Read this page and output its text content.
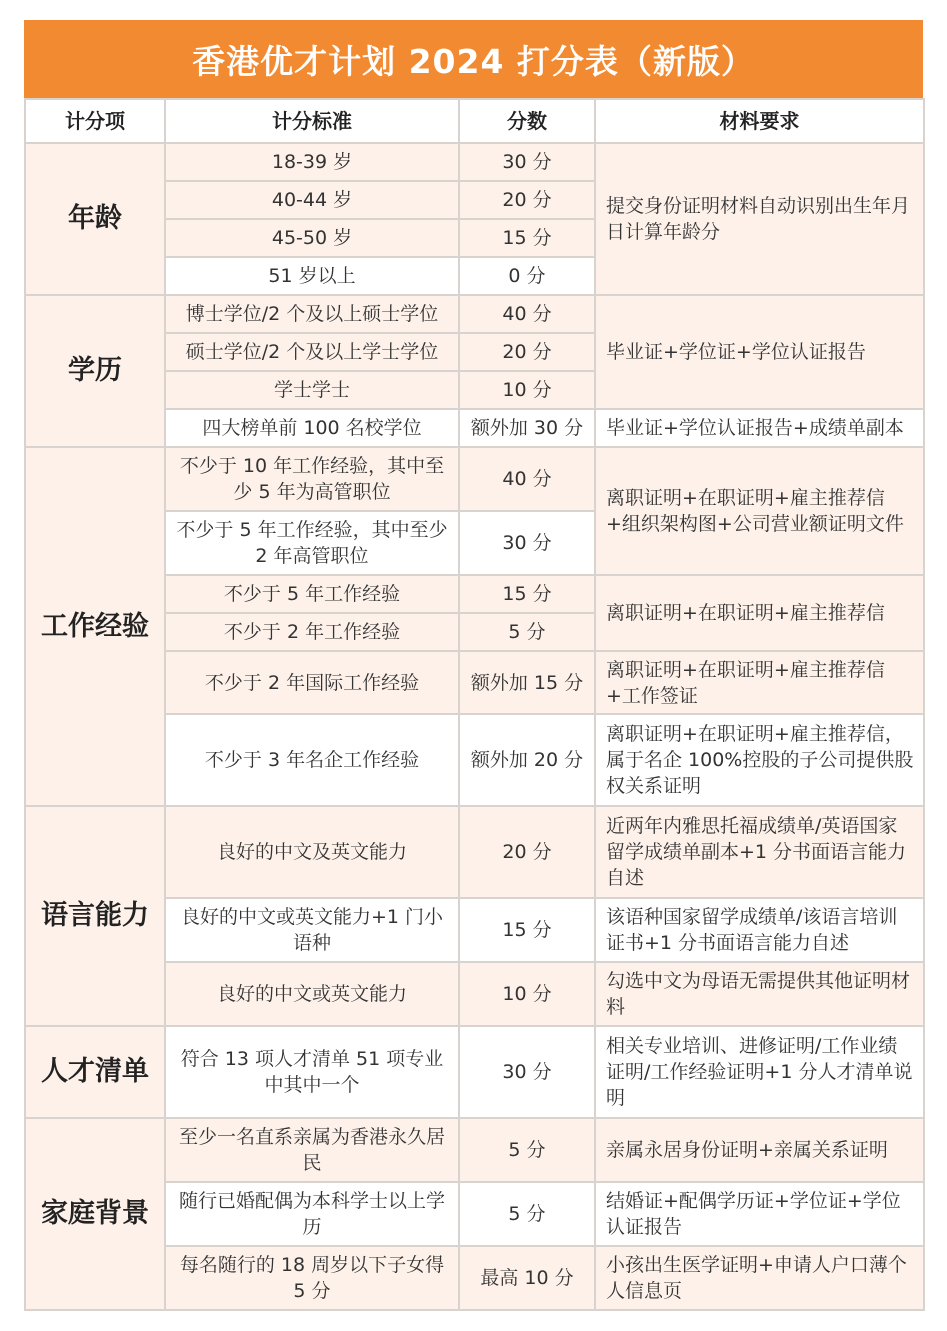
香港优才计划 2024 打分表（新版）
计分项	计分标准	分数	材料要求
年龄	18-39 岁	30 分	提交身份证明材料自动识别出生年月日计算年龄分
	40-44 岁	20 分	
	45-50 岁	15 分	
	51 岁以上	0 分	
学历	博士学位/2 个及以上硕士学位	40 分	毕业证+学位证+学位认证报告
	硕士学位/2 个及以上学士学位	20 分	
	学士学士	10 分	
	四大榜单前 100 名校学位	额外加 30 分	毕业证+学位认证报告+成绩单副本
工作经验	不少于 10 年工作经验，其中至少 5 年为高管职位	40 分	离职证明+在职证明+雇主推荐信+组织架构图+公司营业额证明文件
	不少于 5 年工作经验，其中至少 2 年高管职位	30 分	
	不少于 5 年工作经验	15 分	离职证明+在职证明+雇主推荐信
	不少于 2 年工作经验	5 分	
	不少于 2 年国际工作经验	额外加 15 分	离职证明+在职证明+雇主推荐信+工作签证
	不少于 3 年名企工作经验	额外加 20 分	离职证明+在职证明+雇主推荐信，属于名企 100%控股的子公司提供股权关系证明
语言能力	良好的中文及英文能力	20 分	近两年内雅思托福成绩单/英语国家留学成绩单副本+1 分书面语言能力自述
	良好的中文或英文能力+1 门小语种	15 分	该语种国家留学成绩单/该语言培训证书+1 分书面语言能力自述
	良好的中文或英文能力	10 分	勾选中文为母语无需提供其他证明材料
人才清单	符合 13 项人才清单 51 项专业中其中一个	30 分	相关专业培训、进修证明/工作业绩证明/工作经验证明+1 分人才清单说明
家庭背景	至少一名直系亲属为香港永久居民	5 分	亲属永居身份证明+亲属关系证明
	随行已婚配偶为本科学士以上学历	5 分	结婚证+配偶学历证+学位证+学位认证报告
	每名随行的 18 周岁以下子女得 5 分	最高 10 分	小孩出生医学证明+申请人户口薄个人信息页
